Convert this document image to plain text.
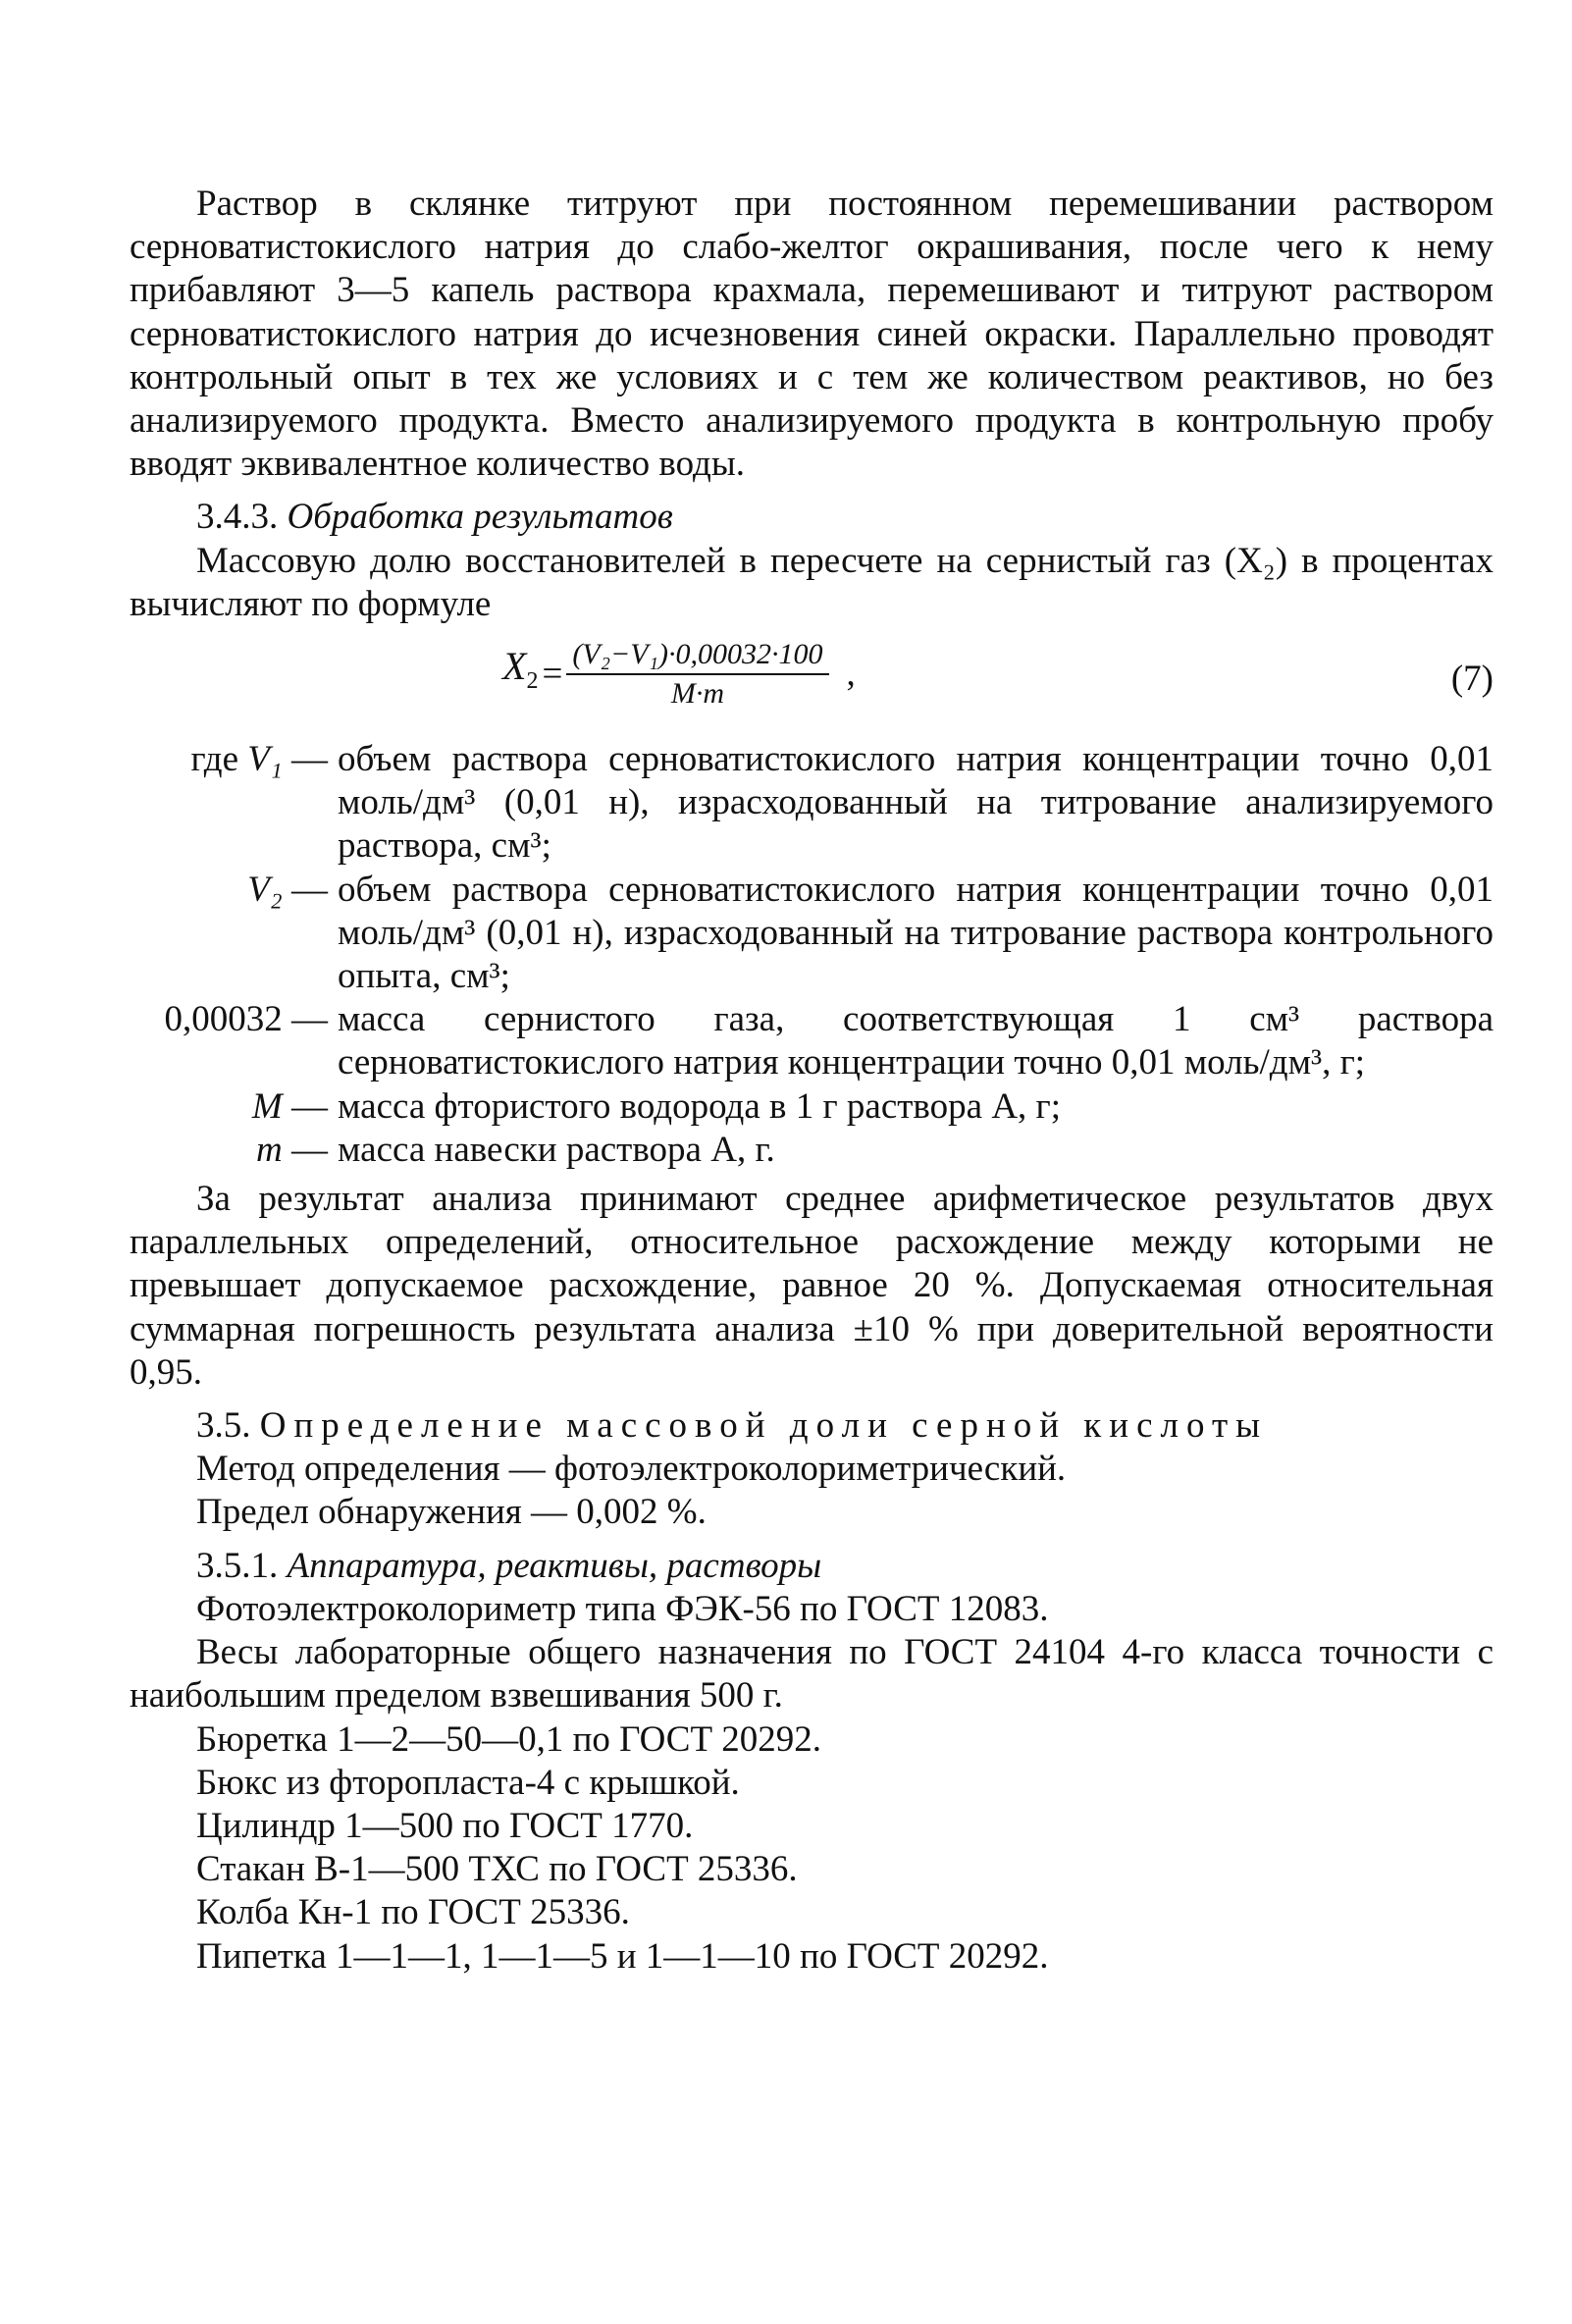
Раствор в склянке титруют при постоянном перемешивании раствором серноватистокислого натрия до слабо-желтог окрашивания, после чего к нему прибавляют 3—5 капель раствора крахмала, перемешивают и титруют раствором серноватистокислого натрия до исчезновения синей окраски. Параллельно проводят контрольный опыт в тех же условиях и с тем же количеством реактивов, но без анализируемого продукта. Вместо анализируемого продукта в контрольную пробу вводят эквивалентное количество воды.

3.4.3. Обработка результатов

Массовую долю восстановителей в пересчете на сернистый газ (X₂) в процентах вычисляют по формуле

$X_2 = \frac{\text{(V₂−V₁)·0,00032·100}}{M\cdot m}$ ,	(7)
где
V₁
— объем раствора серноватистокислого натрия концентрации точно 0,01 моль/дм³ (0,01 н), израсходованный на титрование анализируемого раствора, см³;
V₂
— объем раствора серноватистокислого натрия концентрации точно 0,01 моль/дм³ (0,01 н), израсходованный на титрование раствора контрольного опыта, см³;
0,00032
— масса сернистого газа, соответствующая 1 см³ раствора серноватистокислого натрия концентрации точно 0,01 моль/дм³, г;
M
— масса фтористого водорода в 1 г раствора A, г;
m
— масса навески раствора A, г.

За результат анализа принимают среднее арифметическое результатов двух параллельных определений, относительное расхождение между которыми не превышает допускаемое расхождение, равное 20 %. Допускаемая относительная суммарная погрешность результата анализа ±10 % при доверительной вероятности 0,95.

3.5. Определение массовой доли серной кислоты

Метод определения — фотоэлектроколориметрический.

Предел обнаружения — 0,002 %.

3.5.1. Аппаратура, реактивы, растворы

Фотоэлектроколориметр типа ФЭК-56 по ГОСТ 12083.

Весы лабораторные общего назначения по ГОСТ 24104 4-го класса точности с наибольшим пределом взвешивания 500 г.

Бюретка 1—2—50—0,1 по ГОСТ 20292.

Бюкс из фторопласта-4 с крышкой.

Цилиндр 1—500 по ГОСТ 1770.

Стакан В-1—500 ТХС по ГОСТ 25336.

Колба Кн-1 по ГОСТ 25336.

Пипетка 1—1—1, 1—1—5 и 1—1—10 по ГОСТ 20292.
